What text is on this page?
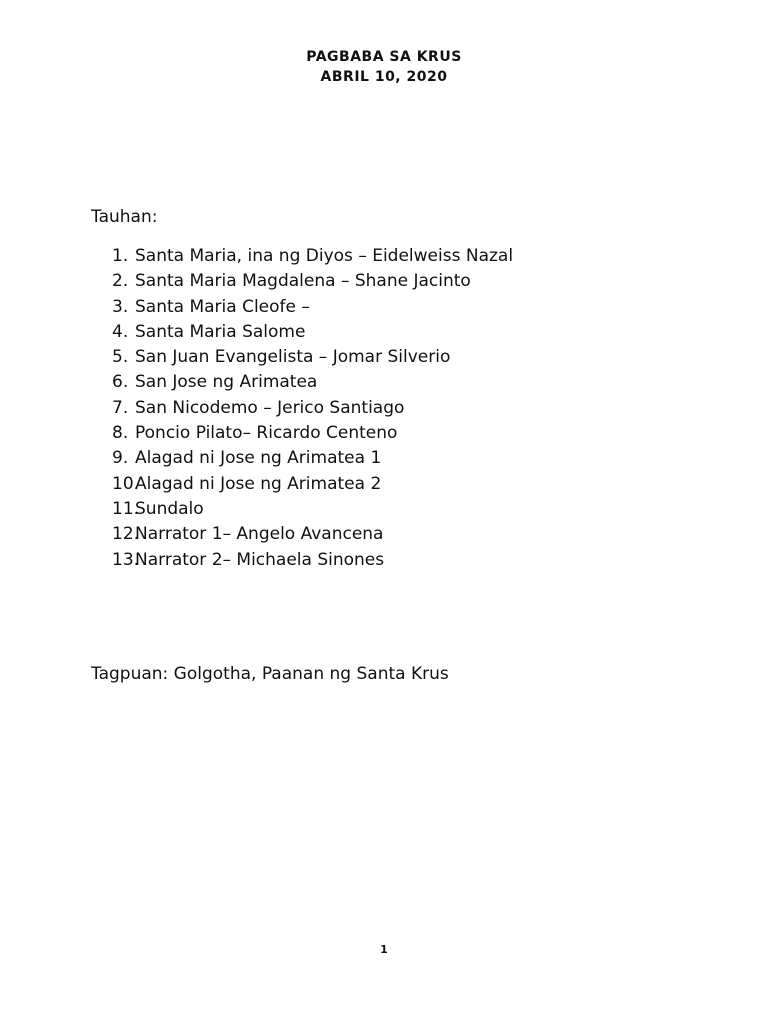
PAGBABA SA KRUS
ABRIL 10, 2020
Tauhan:
1. Santa Maria, ina ng Diyos – Eidelweiss Nazal
2. Santa Maria Magdalena – Shane Jacinto
3. Santa Maria Cleofe –
4. Santa Maria Salome
5. San Juan Evangelista – Jomar Silverio
6. San Jose ng Arimatea
7. San Nicodemo – Jerico Santiago
8. Poncio Pilato– Ricardo Centeno
9. Alagad ni Jose ng Arimatea 1
10.
Alagad ni Jose ng Arimatea 2
11.
Sundalo
12.
Narrator 1– Angelo Avancena
13.
Narrator 2– Michaela Sinones
Tagpuan: Golgotha, Paanan ng Santa Krus
1
